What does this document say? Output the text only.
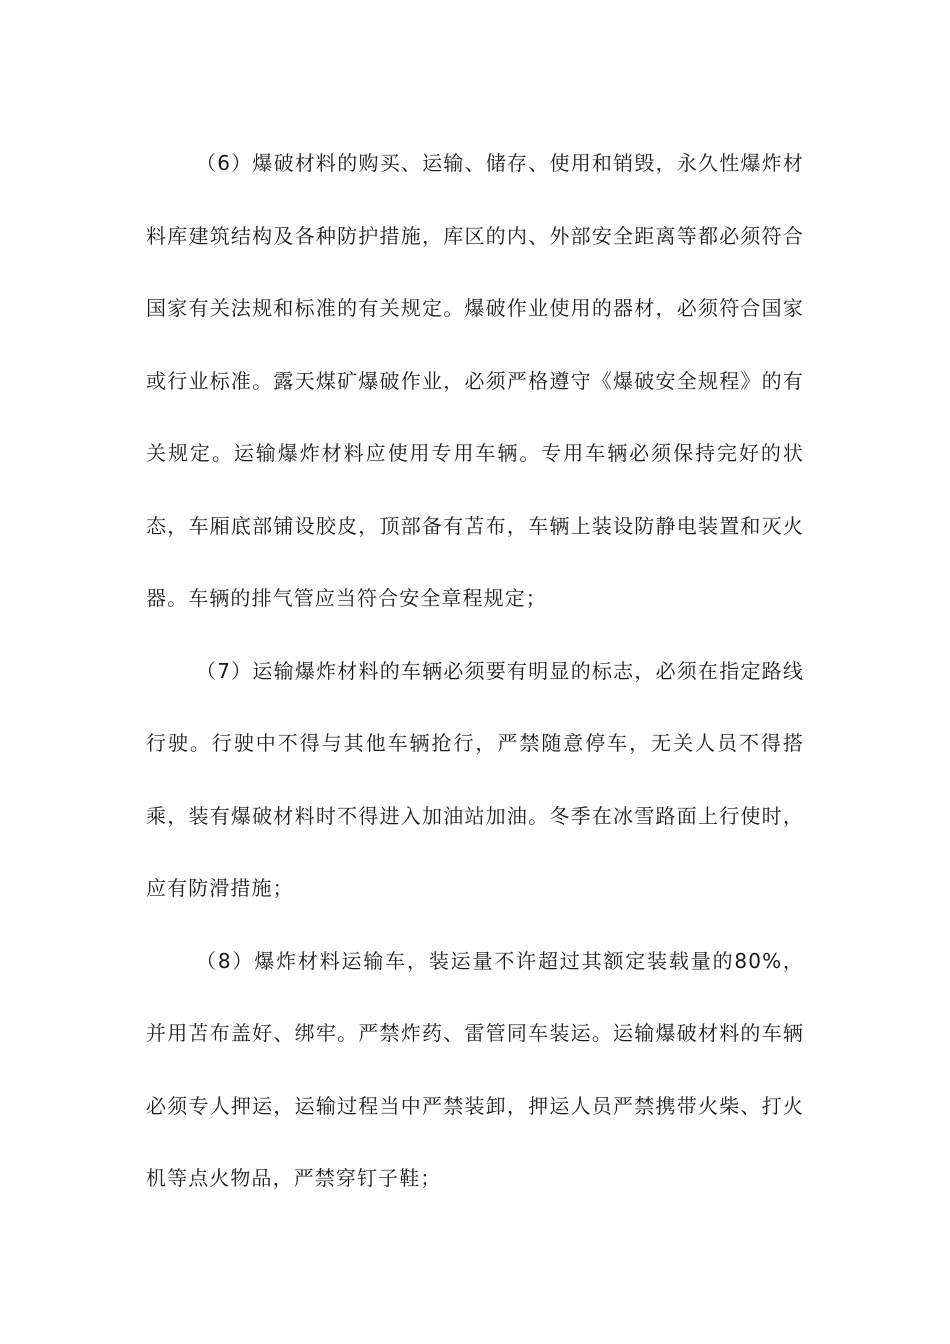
（6）爆破材料的购买、运输、储存、使用和销毁，永久性爆炸材料库建筑结构及各种防护措施，库区的内、外部安全距离等都必须符合国家有关法规和标准的有关规定。爆破作业使用的器材，必须符合国家或行业标准。露天煤矿爆破作业，必须严格遵守《爆破安全规程》的有关规定。运输爆炸材料应使用专用车辆。专用车辆必须保持完好的状态，车厢底部铺设胶皮，顶部备有苫布，车辆上装设防静电装置和灭火器。车辆的排气管应当符合安全章程规定；

（7）运输爆炸材料的车辆必须要有明显的标志，必须在指定路线行驶。行驶中不得与其他车辆抢行，严禁随意停车，无关人员不得搭乘，装有爆破材料时不得进入加油站加油。冬季在冰雪路面上行使时，应有防滑措施；

（8）爆炸材料运输车，装运量不许超过其额定装载量的80%，并用苫布盖好、绑牢。严禁炸药、雷管同车装运。运输爆破材料的车辆必须专人押运，运输过程当中严禁装卸，押运人员严禁携带火柴、打火机等点火物品，严禁穿钉子鞋；
